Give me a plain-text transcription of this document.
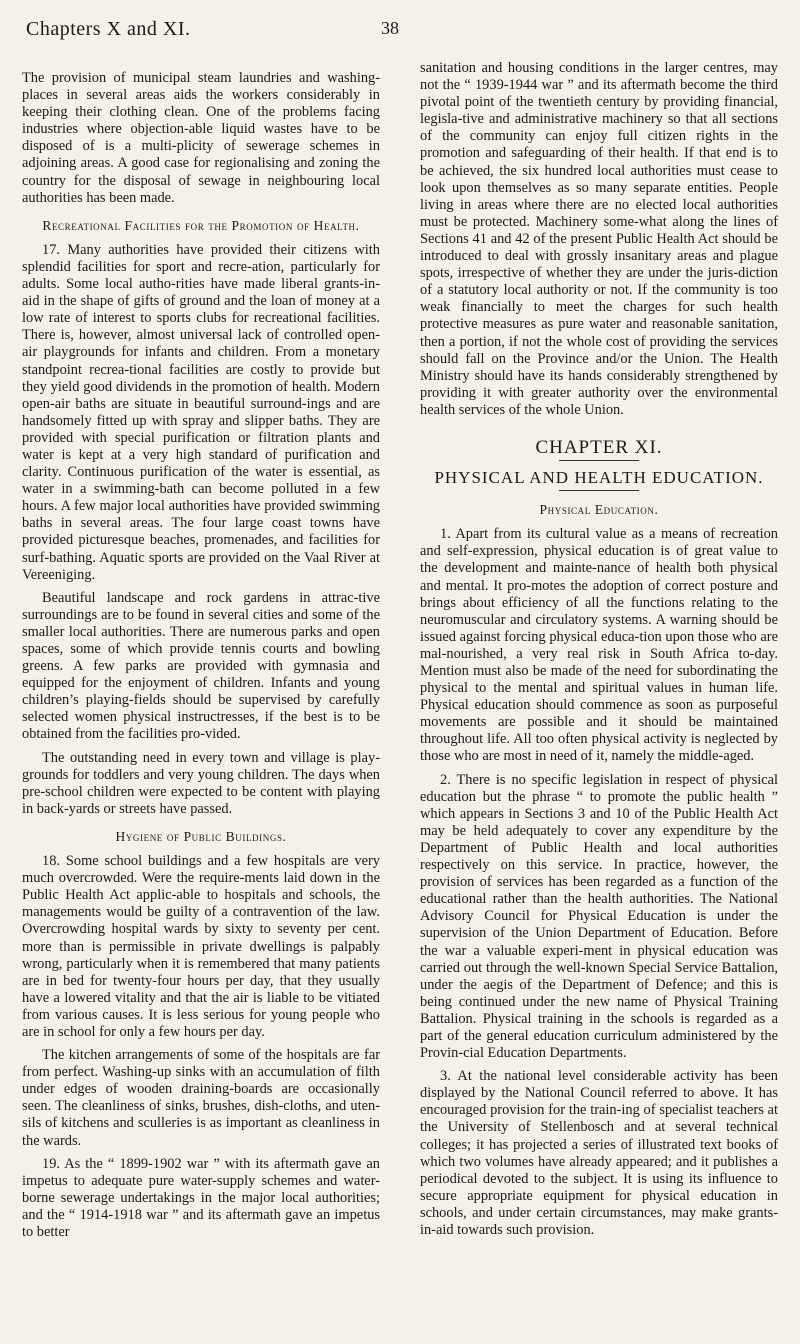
Chapters X and XI.	38

The provision of municipal steam laundries and washing-places in several areas aids the workers considerably in keeping their clothing clean. One of the problems facing industries where objection-able liquid wastes have to be disposed of is a multi-plicity of sewerage schemes in adjoining areas. A good case for regionalising and zoning the country for the disposal of sewage in neighbouring local authorities has been made.

Recreational Facilities for the Promotion of Health.

17. Many authorities have provided their citizens with splendid facilities for sport and recre-ation, particularly for adults. Some local autho-rities have made liberal grants-in-aid in the shape of gifts of ground and the loan of money at a low rate of interest to sports clubs for recreational facilities. There is, however, almost universal lack of controlled open-air playgrounds for infants and children. From a monetary standpoint recrea-tional facilities are costly to provide but they yield good dividends in the promotion of health. Modern open-air baths are situate in beautiful surround-ings and are handsomely fitted up with spray and slipper baths. They are provided with special purification or filtration plants and water is kept at a very high standard of purification and clarity. Continuous purification of the water is essential, as water in a swimming-bath can become polluted in a few hours. A few major local authorities have provided swimming baths in several areas. The four large coast towns have provided picturesque beaches, promenades, and facilities for surf-bathing. Aquatic sports are provided on the Vaal River at Vereeniging.

Beautiful landscape and rock gardens in attrac-tive surroundings are to be found in several cities and some of the smaller local authorities. There are numerous parks and open spaces, some of which provide tennis courts and bowling greens. A few parks are provided with gymnasia and equipped for the enjoyment of children. Infants and young children’s playing-fields should be supervised by carefully selected women physical instructresses, if the best is to be obtained from the facilities pro-vided.

The outstanding need in every town and village is play-grounds for toddlers and very young children. The days when pre-school children were expected to be content with playing in back-yards or streets have passed.

Hygiene of Public Buildings.

18. Some school buildings and a few hospitals are very much overcrowded. Were the require-ments laid down in the Public Health Act applic-able to hospitals and schools, the managements would be guilty of a contravention of the law. Overcrowding hospital wards by sixty to seventy per cent. more than is permissible in private dwellings is palpably wrong, particularly when it is remembered that many patients are in bed for twenty-four hours per day, that they usually have a lowered vitality and that the air is liable to be vitiated from various causes. It is less serious for young people who are in school for only a few hours per day.

The kitchen arrangements of some of the hospitals are far from perfect. Washing-up sinks with an accumulation of filth under edges of wooden draining-boards are occasionally seen. The cleanliness of sinks, brushes, dish-cloths, and uten-sils of kitchens and sculleries is as important as cleanliness in the wards.

19. As the “ 1899-1902 war ” with its aftermath gave an impetus to adequate pure water-supply schemes and water-borne sewerage undertakings in the major local authorities; and the “ 1914-1918 war ” and its aftermath gave an impetus to better

sanitation and housing conditions in the larger centres, may not the “ 1939-1944 war ” and its aftermath become the third pivotal point of the twentieth century by providing financial, legisla-tive and administrative machinery so that all sections of the community can enjoy full citizen rights in the promotion and safeguarding of their health. If that end is to be achieved, the six hundred local authorities must cease to look upon themselves as so many separate entities. People living in areas where there are no elected local authorities must be protected. Machinery some-what along the lines of Sections 41 and 42 of the present Public Health Act should be introduced to deal with grossly insanitary areas and plague spots, irrespective of whether they are under the juris-diction of a statutory local authority or not. If the community is too weak financially to meet the charges for such health protective measures as pure water and reasonable sanitation, then a portion, if not the whole cost of providing the services should fall on the Province and/or the Union. The Health Ministry should have its hands considerably strengthened by providing it with greater authority over the environmental health services of the whole Union.

CHAPTER XI.
PHYSICAL AND HEALTH EDUCATION.
Physical Education.

1. Apart from its cultural value as a means of recreation and self-expression, physical education is of great value to the development and mainte-nance of health both physical and mental. It pro-motes the adoption of correct posture and brings about efficiency of all the functions relating to the neuromuscular and circulatory systems. A warning should be issued against forcing physical educa-tion upon those who are mal-nourished, a very real risk in South Africa to-day. Mention must also be made of the need for subordinating the physical to the mental and spiritual values in human life. Physical education should commence as soon as purposeful movements are possible and it should be maintained throughout life. All too often physical activity is neglected by those who are most in need of it, namely the middle-aged.

2. There is no specific legislation in respect of physical education but the phrase “ to promote the public health ” which appears in Sections 3 and 10 of the Public Health Act may be held adequately to cover any expenditure by the Department of Public Health and local authorities respectively on this service. In practice, however, the provision of services has been regarded as a function of the educational rather than the health authorities. The National Advisory Council for Physical Education is under the supervision of the Union Department of Education. Before the war a valuable experi-ment in physical education was carried out through the well-known Special Service Battalion, under the aegis of the Department of Defence; and this is being continued under the new name of Physical Training Battalion. Physical training in the schools is regarded as a part of the general education curriculum administered by the Provin-cial Education Departments.

3. At the national level considerable activity has been displayed by the National Council referred to above. It has encouraged provision for the train-ing of specialist teachers at the University of Stellenbosch and at several technical colleges; it has projected a series of illustrated text books of which two volumes have already appeared; and it publishes a periodical devoted to the subject. It is using its influence to secure appropriate equipment for physical education in schools, and under certain circumstances, may make grants-in-aid towards such provision.
